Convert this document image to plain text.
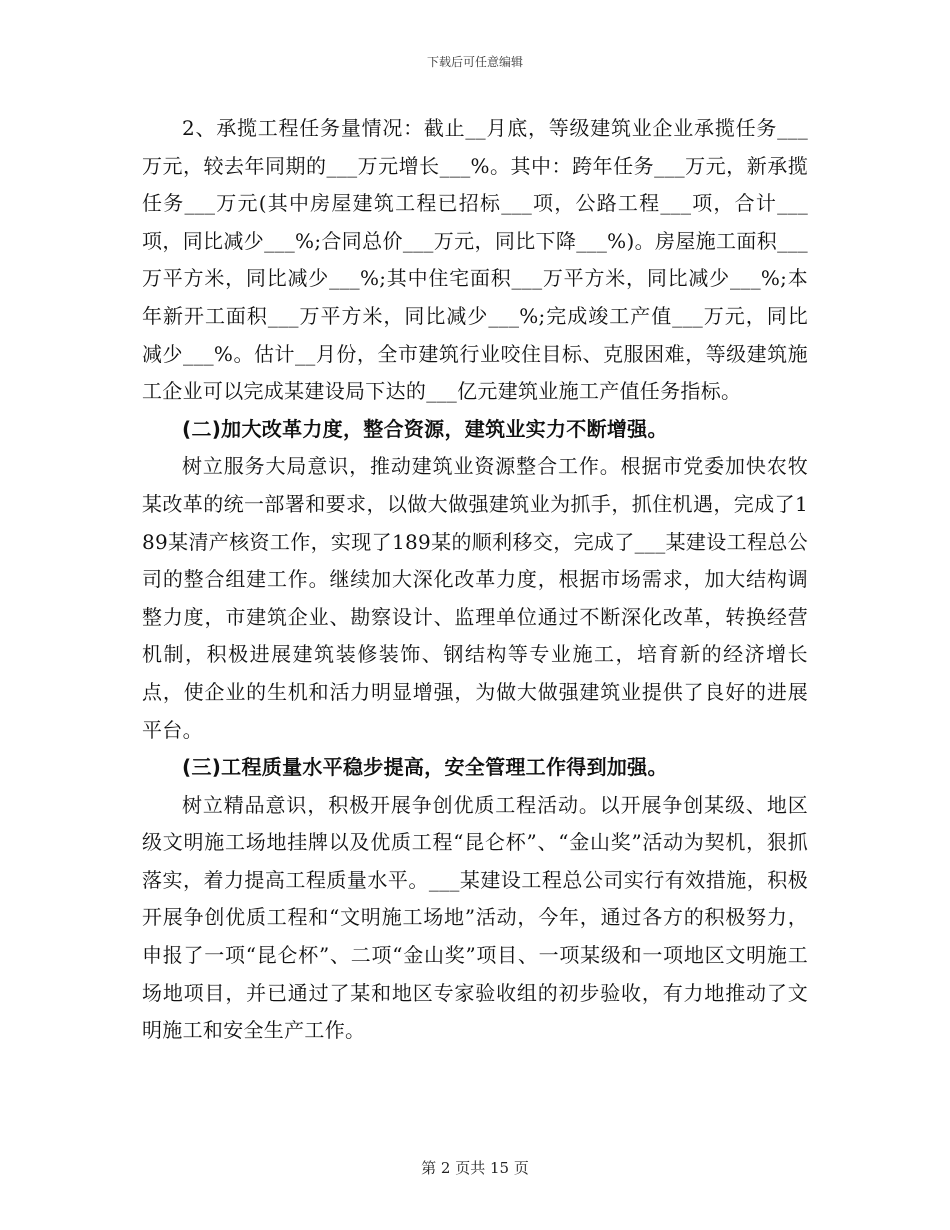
下载后可任意编辑

2、承揽工程任务量情况：截止__月底，等级建筑业企业承揽任务___万元，较去年同期的___万元增长___%。其中：跨年任务___万元，新承揽任务___万元(其中房屋建筑工程已招标___项，公路工程___项，合计___项，同比减少___%;合同总价___万元，同比下降___%)。房屋施工面积___万平方米，同比减少___%;其中住宅面积___万平方米，同比减少___%;本年新开工面积___万平方米，同比减少___%;完成竣工产值___万元，同比减少___%。估计__月份，全市建筑行业咬住目标、克服困难，等级建筑施工企业可以完成某建设局下达的___亿元建筑业施工产值任务指标。

(二)加大改革力度，整合资源，建筑业实力不断增强。

树立服务大局意识，推动建筑业资源整合工作。根据市党委加快农牧某改革的统一部署和要求，以做大做强建筑业为抓手，抓住机遇，完成了189某清产核资工作，实现了189某的顺利移交，完成了___某建设工程总公司的整合组建工作。继续加大深化改革力度，根据市场需求，加大结构调整力度，市建筑企业、勘察设计、监理单位通过不断深化改革，转换经营机制，积极进展建筑装修装饰、钢结构等专业施工，培育新的经济增长点，使企业的生机和活力明显增强，为做大做强建筑业提供了良好的进展平台。

(三)工程质量水平稳步提高，安全管理工作得到加强。

树立精品意识，积极开展争创优质工程活动。以开展争创某级、地区级文明施工场地挂牌以及优质工程“昆仑杯”、“金山奖”活动为契机，狠抓落实，着力提高工程质量水平。___某建设工程总公司实行有效措施，积极开展争创优质工程和“文明施工场地”活动，今年，通过各方的积极努力，申报了一项“昆仑杯”、二项“金山奖”项目、一项某级和一项地区文明施工场地项目，并已通过了某和地区专家验收组的初步验收，有力地推动了文明施工和安全生产工作。

第 2 页共 15 页
